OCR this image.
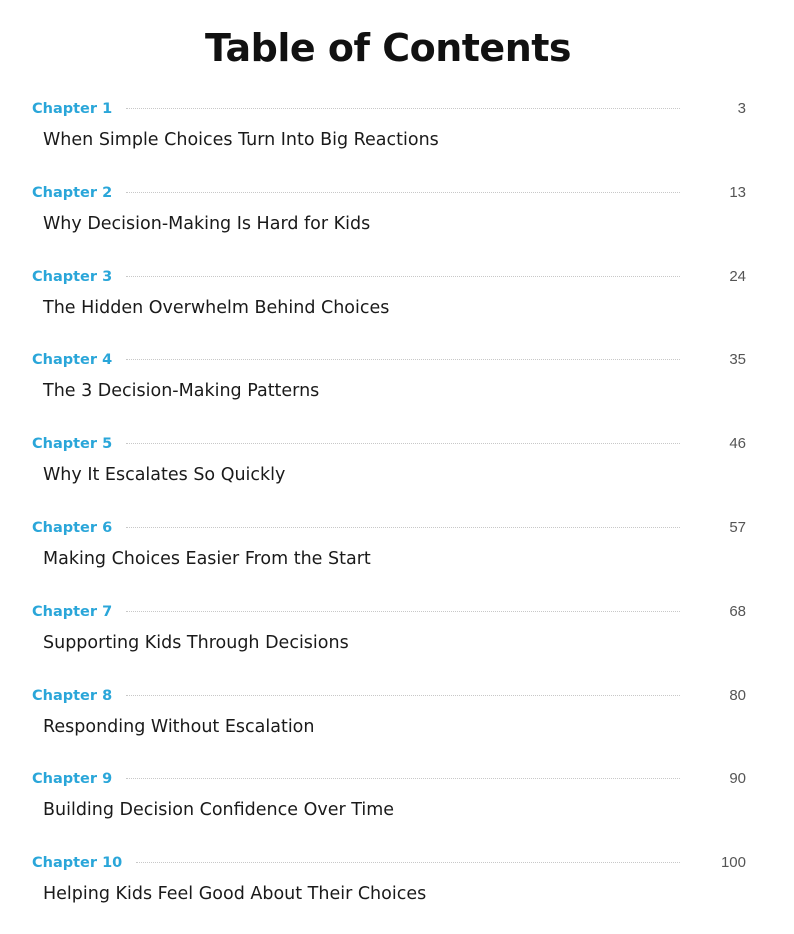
Table of Contents
Chapter 1	3
When Simple Choices Turn Into Big Reactions
Chapter 2	13
Why Decision-Making Is Hard for Kids
Chapter 3	24
The Hidden Overwhelm Behind Choices
Chapter 4	35
The 3 Decision-Making Patterns
Chapter 5	46
Why It Escalates So Quickly
Chapter 6	57
Making Choices Easier From the Start
Chapter 7	68
Supporting Kids Through Decisions
Chapter 8	80
Responding Without Escalation
Chapter 9	90
Building Decision Confidence Over Time
Chapter 10	100
Helping Kids Feel Good About Their Choices
